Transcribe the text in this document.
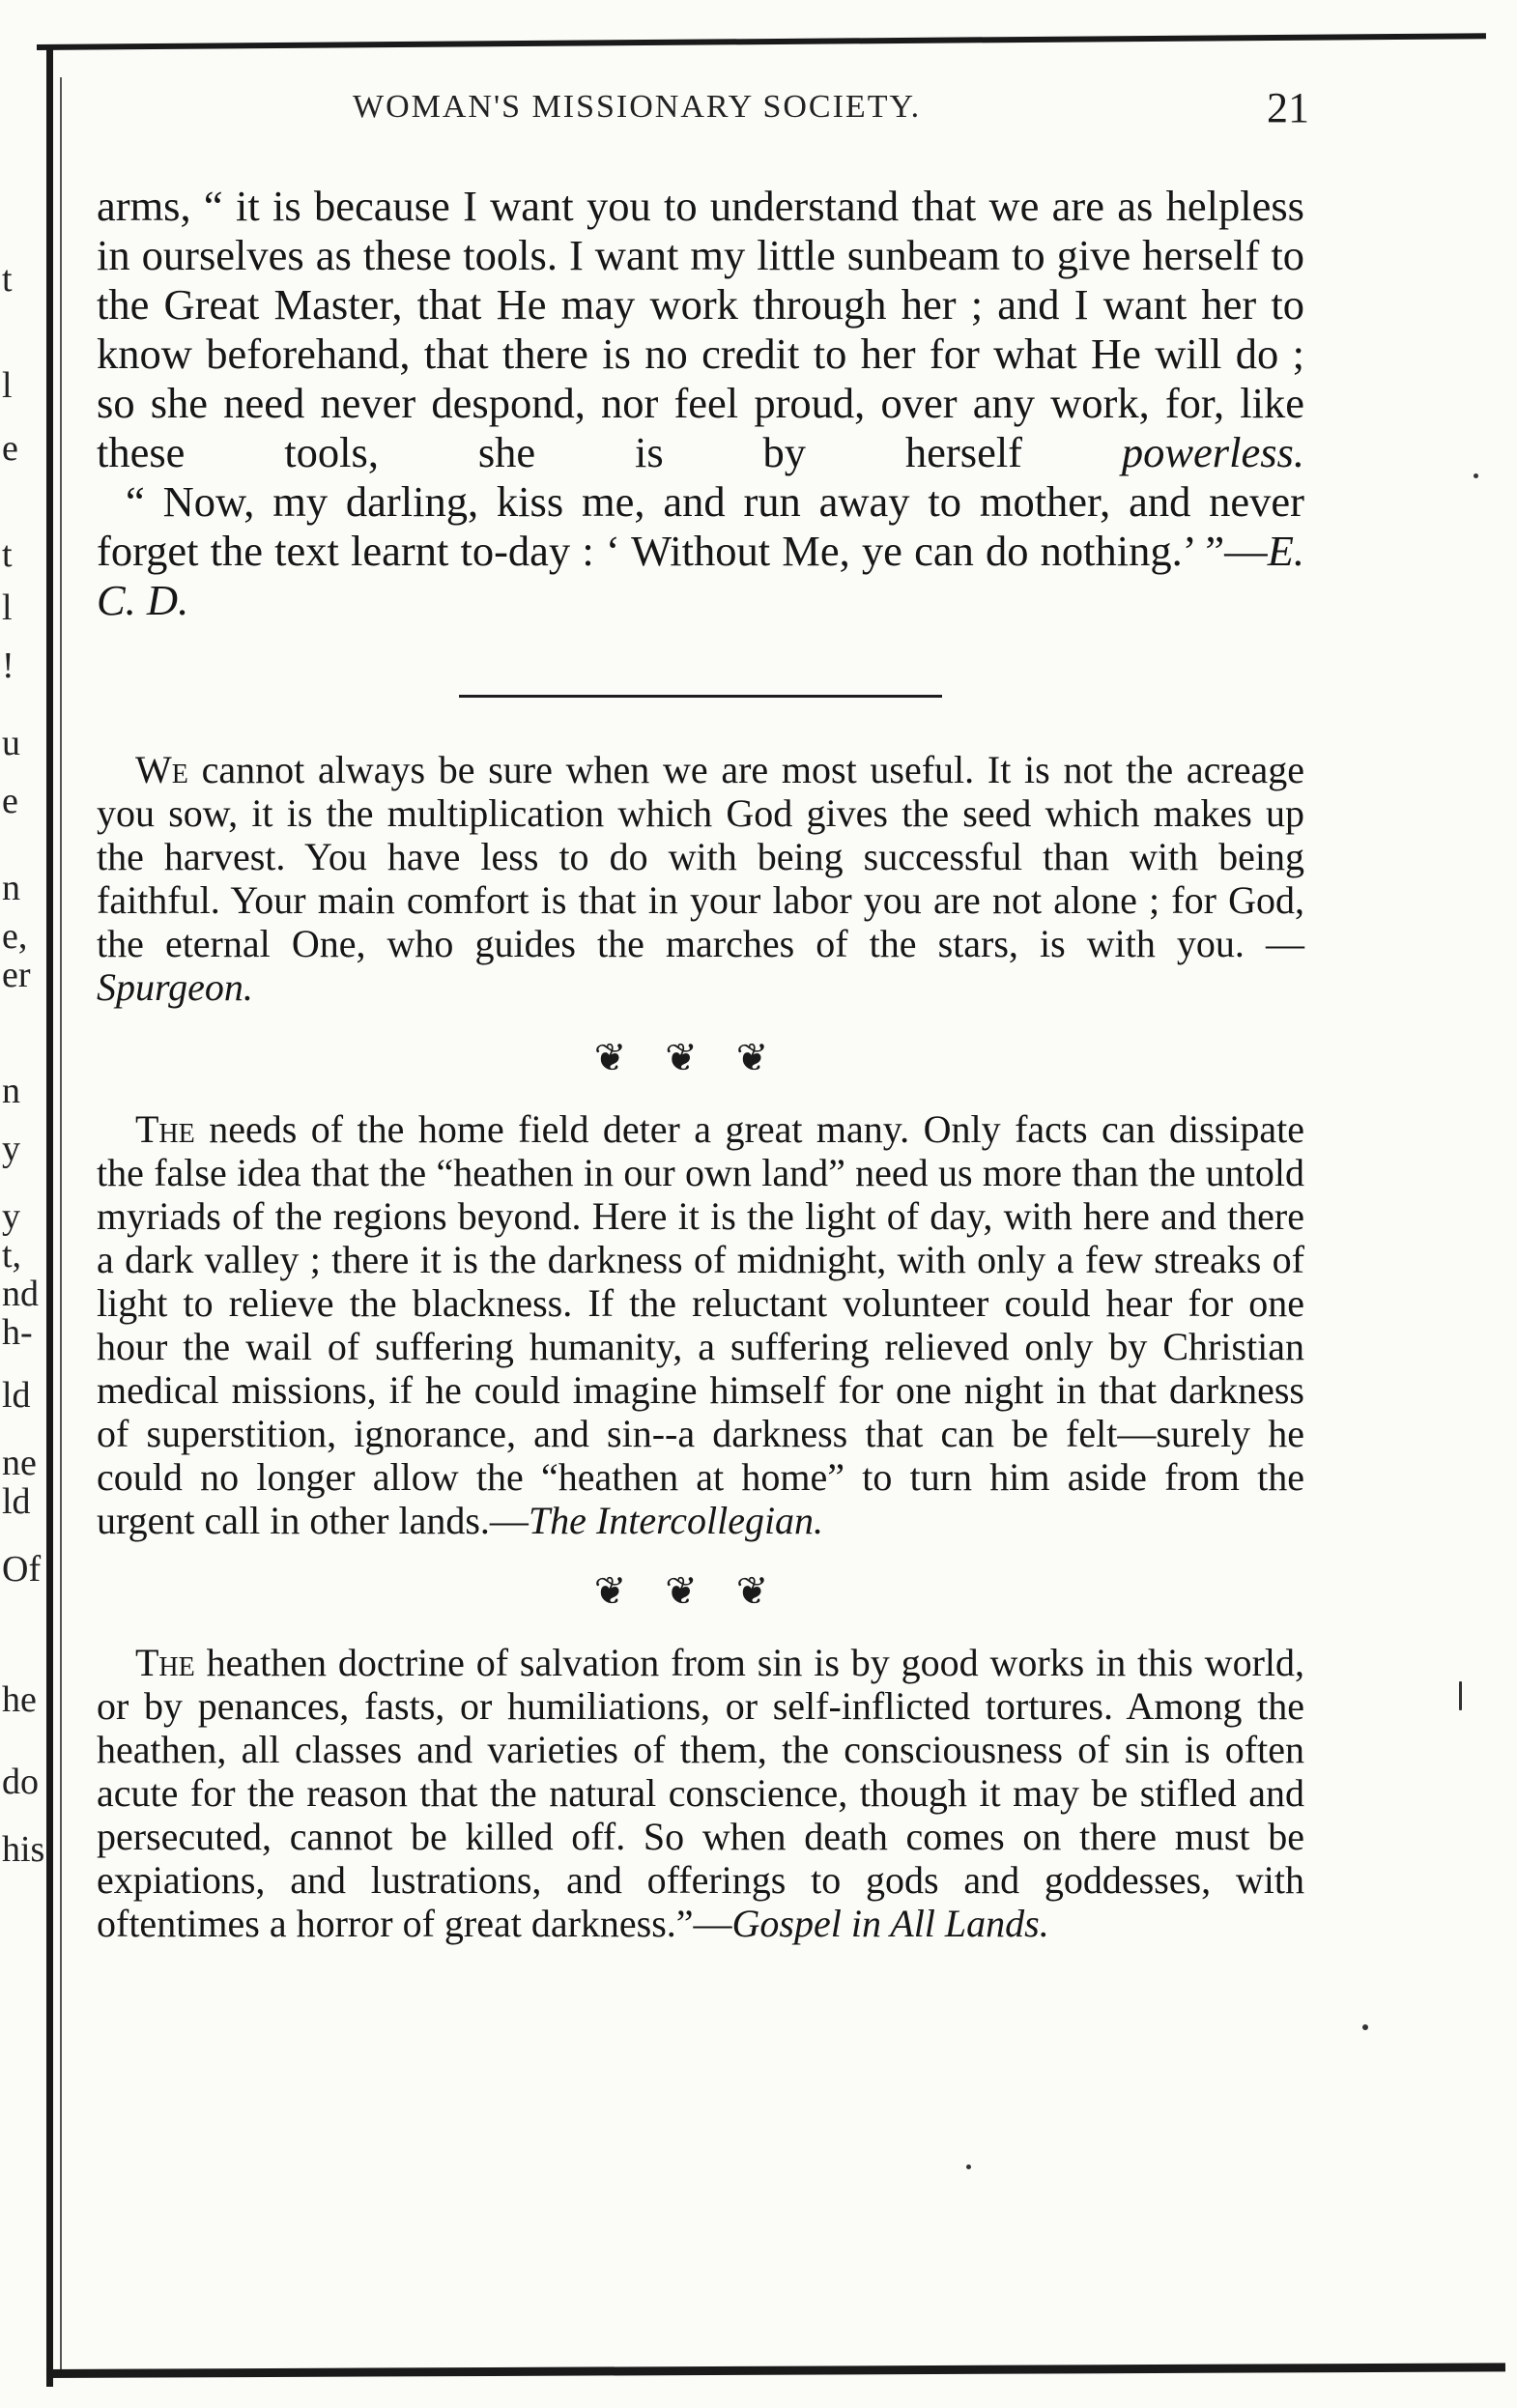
t
l
e
t
l
!
u
e
n
e,
er
n
y
y
t,
nd
h-
ld
ne
ld
Of
he
do
his
WOMAN'S MISSIONARY SOCIETY.	21

arms, “ it is because I want you to understand that we are as helpless in ourselves as these tools. I want my little sunbeam to give herself to the Great Master, that He may work through her ; and I want her to know beforehand, that there is no credit to her for what He will do ; so she need never despond, nor feel proud, over any work, for, like these tools, she is by herself powerless.

“ Now, my darling, kiss me, and run away to mother, and never forget the text learnt to-day : ‘ Without Me, ye can do nothing.’ ”—E. C. D.

We cannot always be sure when we are most useful. It is not the acreage you sow, it is the multiplication which God gives the seed which makes up the harvest. You have less to do with being successful than with being faithful. Your main comfort is that in your labor you are not alone ; for God, the eternal One, who guides the marches of the stars, is with you. —Spurgeon.

❦❦❦

The needs of the home field deter a great many. Only facts can dissipate the false idea that the “heathen in our own land” need us more than the untold myriads of the regions beyond. Here it is the light of day, with here and there a dark valley ; there it is the darkness of midnight, with only a few streaks of light to relieve the blackness. If the reluctant volunteer could hear for one hour the wail of suffering humanity, a suffering relieved only by Christian medical missions, if he could imagine himself for one night in that darkness of superstition, ignorance, and sin--a darkness that can be felt—surely he could no longer allow the “heathen at home” to turn him aside from the urgent call in other lands.—The Intercollegian.

❦❦❦

The heathen doctrine of salvation from sin is by good works in this world, or by penances, fasts, or humiliations, or self-inflicted tortures. Among the heathen, all classes and varieties of them, the consciousness of sin is often acute for the reason that the natural conscience, though it may be stifled and persecuted, cannot be killed off. So when death comes on there must be expiations, and lustrations, and offerings to gods and goddesses, with oftentimes a horror of great darkness.”—Gospel in All Lands.
